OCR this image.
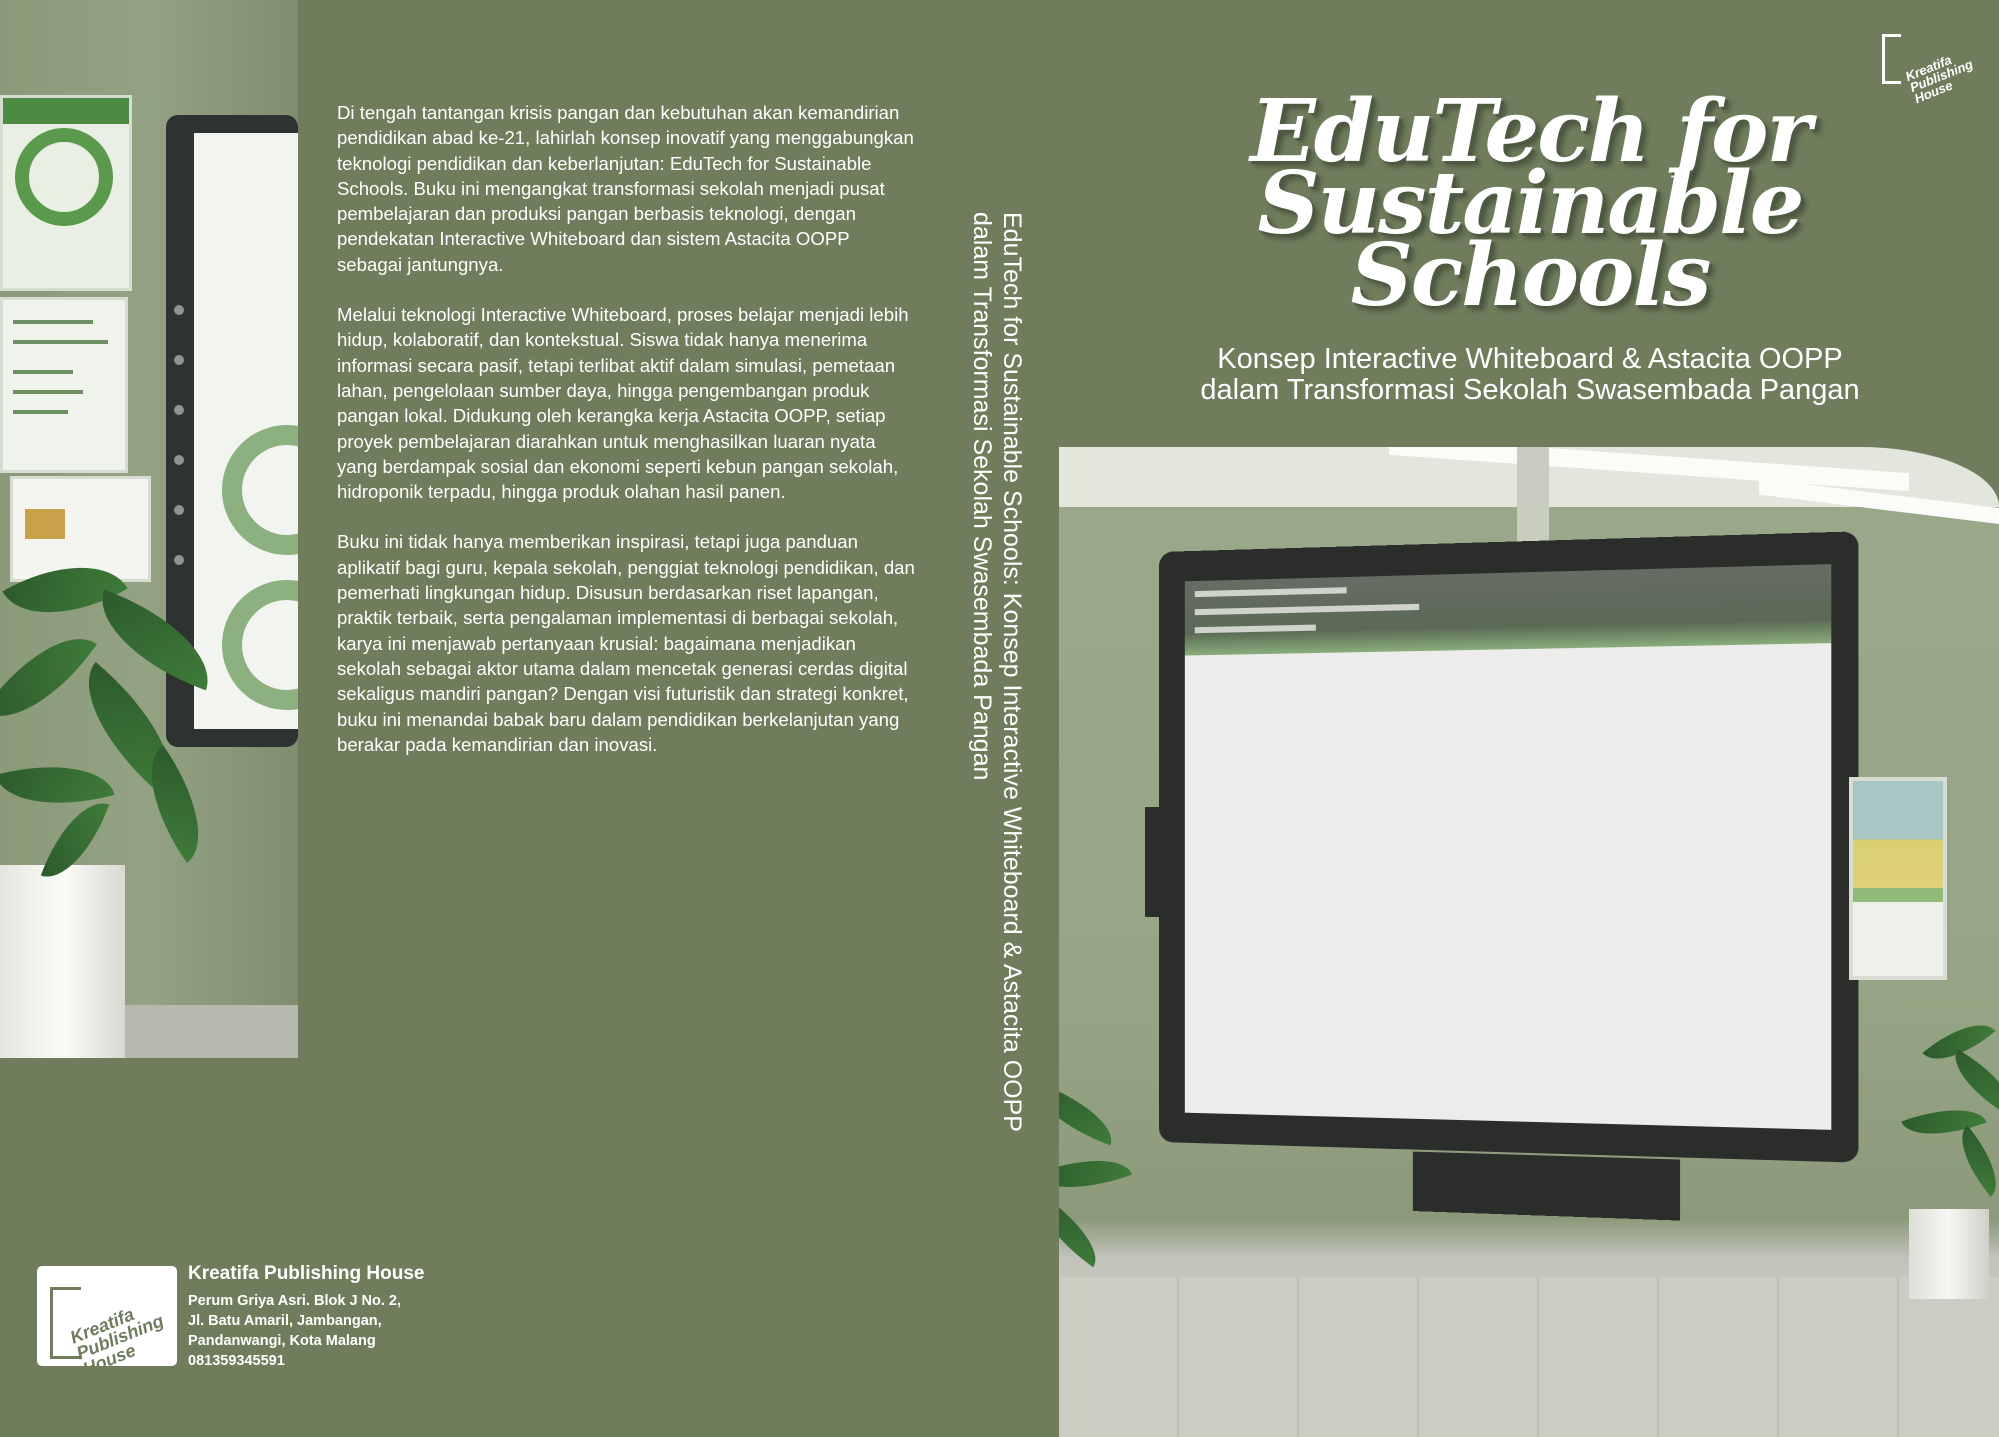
Di tengah tantangan krisis pangan dan kebutuhan akan kemandirian pendidikan abad ke-21, lahirlah konsep inovatif yang menggabungkan teknologi pendidikan dan keberlanjutan: EduTech for Sustainable Schools. Buku ini mengangkat transformasi sekolah menjadi pusat pembelajaran dan produksi pangan berbasis teknologi, dengan pendekatan Interactive Whiteboard dan sistem Astacita OOPP sebagai jantungnya.

Melalui teknologi Interactive Whiteboard, proses belajar menjadi lebih hidup, kolaboratif, dan kontekstual. Siswa tidak hanya menerima informasi secara pasif, tetapi terlibat aktif dalam simulasi, pemetaan lahan, pengelolaan sumber daya, hingga pengembangan produk pangan lokal. Didukung oleh kerangka kerja Astacita OOPP, setiap proyek pembelajaran diarahkan untuk menghasilkan luaran nyata yang berdampak sosial dan ekonomi seperti kebun pangan sekolah, hidroponik terpadu, hingga produk olahan hasil panen.

Buku ini tidak hanya memberikan inspirasi, tetapi juga panduan aplikatif bagi guru, kepala sekolah, penggiat teknologi pendidikan, dan pemerhati lingkungan hidup. Disusun berdasarkan riset lapangan, praktik terbaik, serta pengalaman implementasi di berbagai sekolah, karya ini menjawab pertanyaan krusial: bagaimana menjadikan sekolah sebagai aktor utama dalam mencetak generasi cerdas digital sekaligus mandiri pangan? Dengan visi futuristik dan strategi konkret, buku ini menandai babak baru dalam pendidikan berkelanjutan yang berakar pada kemandirian dan inovasi.

Kreatifa Publishing House
Kreatifa Publishing House
Perum Griya Asri. Blok J No. 2,
Jl. Batu Amaril, Jambangan,
Pandanwangi, Kota Malang
081359345591
EduTech for Sustainable Schools: Konsep Interactive Whiteboard & Astacita OOPP
dalam Transformasi Sekolah Swasembada Pangan
Kreatifa Publishing House
EduTech for
Sustainable
Schools
Konsep Interactive Whiteboard & Astacita OOPP
dalam Transformasi Sekolah Swasembada Pangan
